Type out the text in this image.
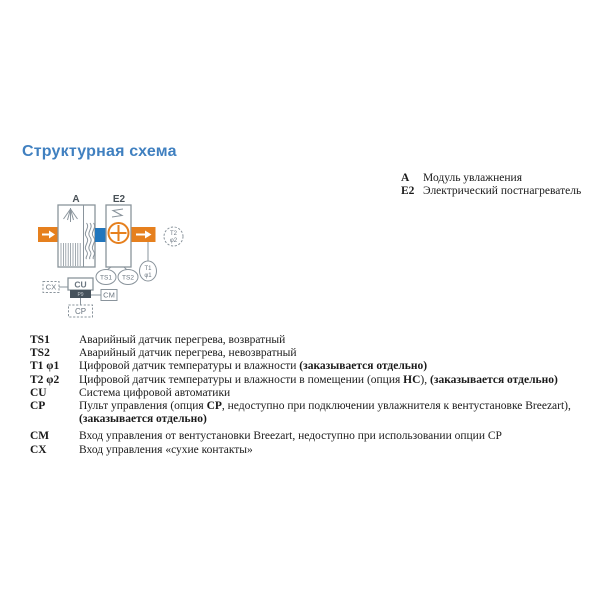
Структурная схема
A	Модуль увлажнения
E2 Электрический постнагреватель
A	E2
T2
φ2
T1
φ1
TS1 TS2
CU
P9
CX
CM
CP
TS1	Аварийный датчик перегрева, возвратный
TS2	Аварийный датчик перегрева, невозвратный
T1 φ1	Цифровой датчик температуры и влажности (заказывается отдельно)
T2 φ2	Цифровой датчик температуры и влажности в помещении (опция НС), (заказывается отдельно)
CU	Система цифровой автоматики
CP	Пульт управления (опция СР, недоступно при подключении увлажнителя к вентустановке Breezart), (заказывается отдельно)
CM	Вход управления от вентустановки Breezart, недоступно при использовании опции СР
CX	Вход управления «сухие контакты»
